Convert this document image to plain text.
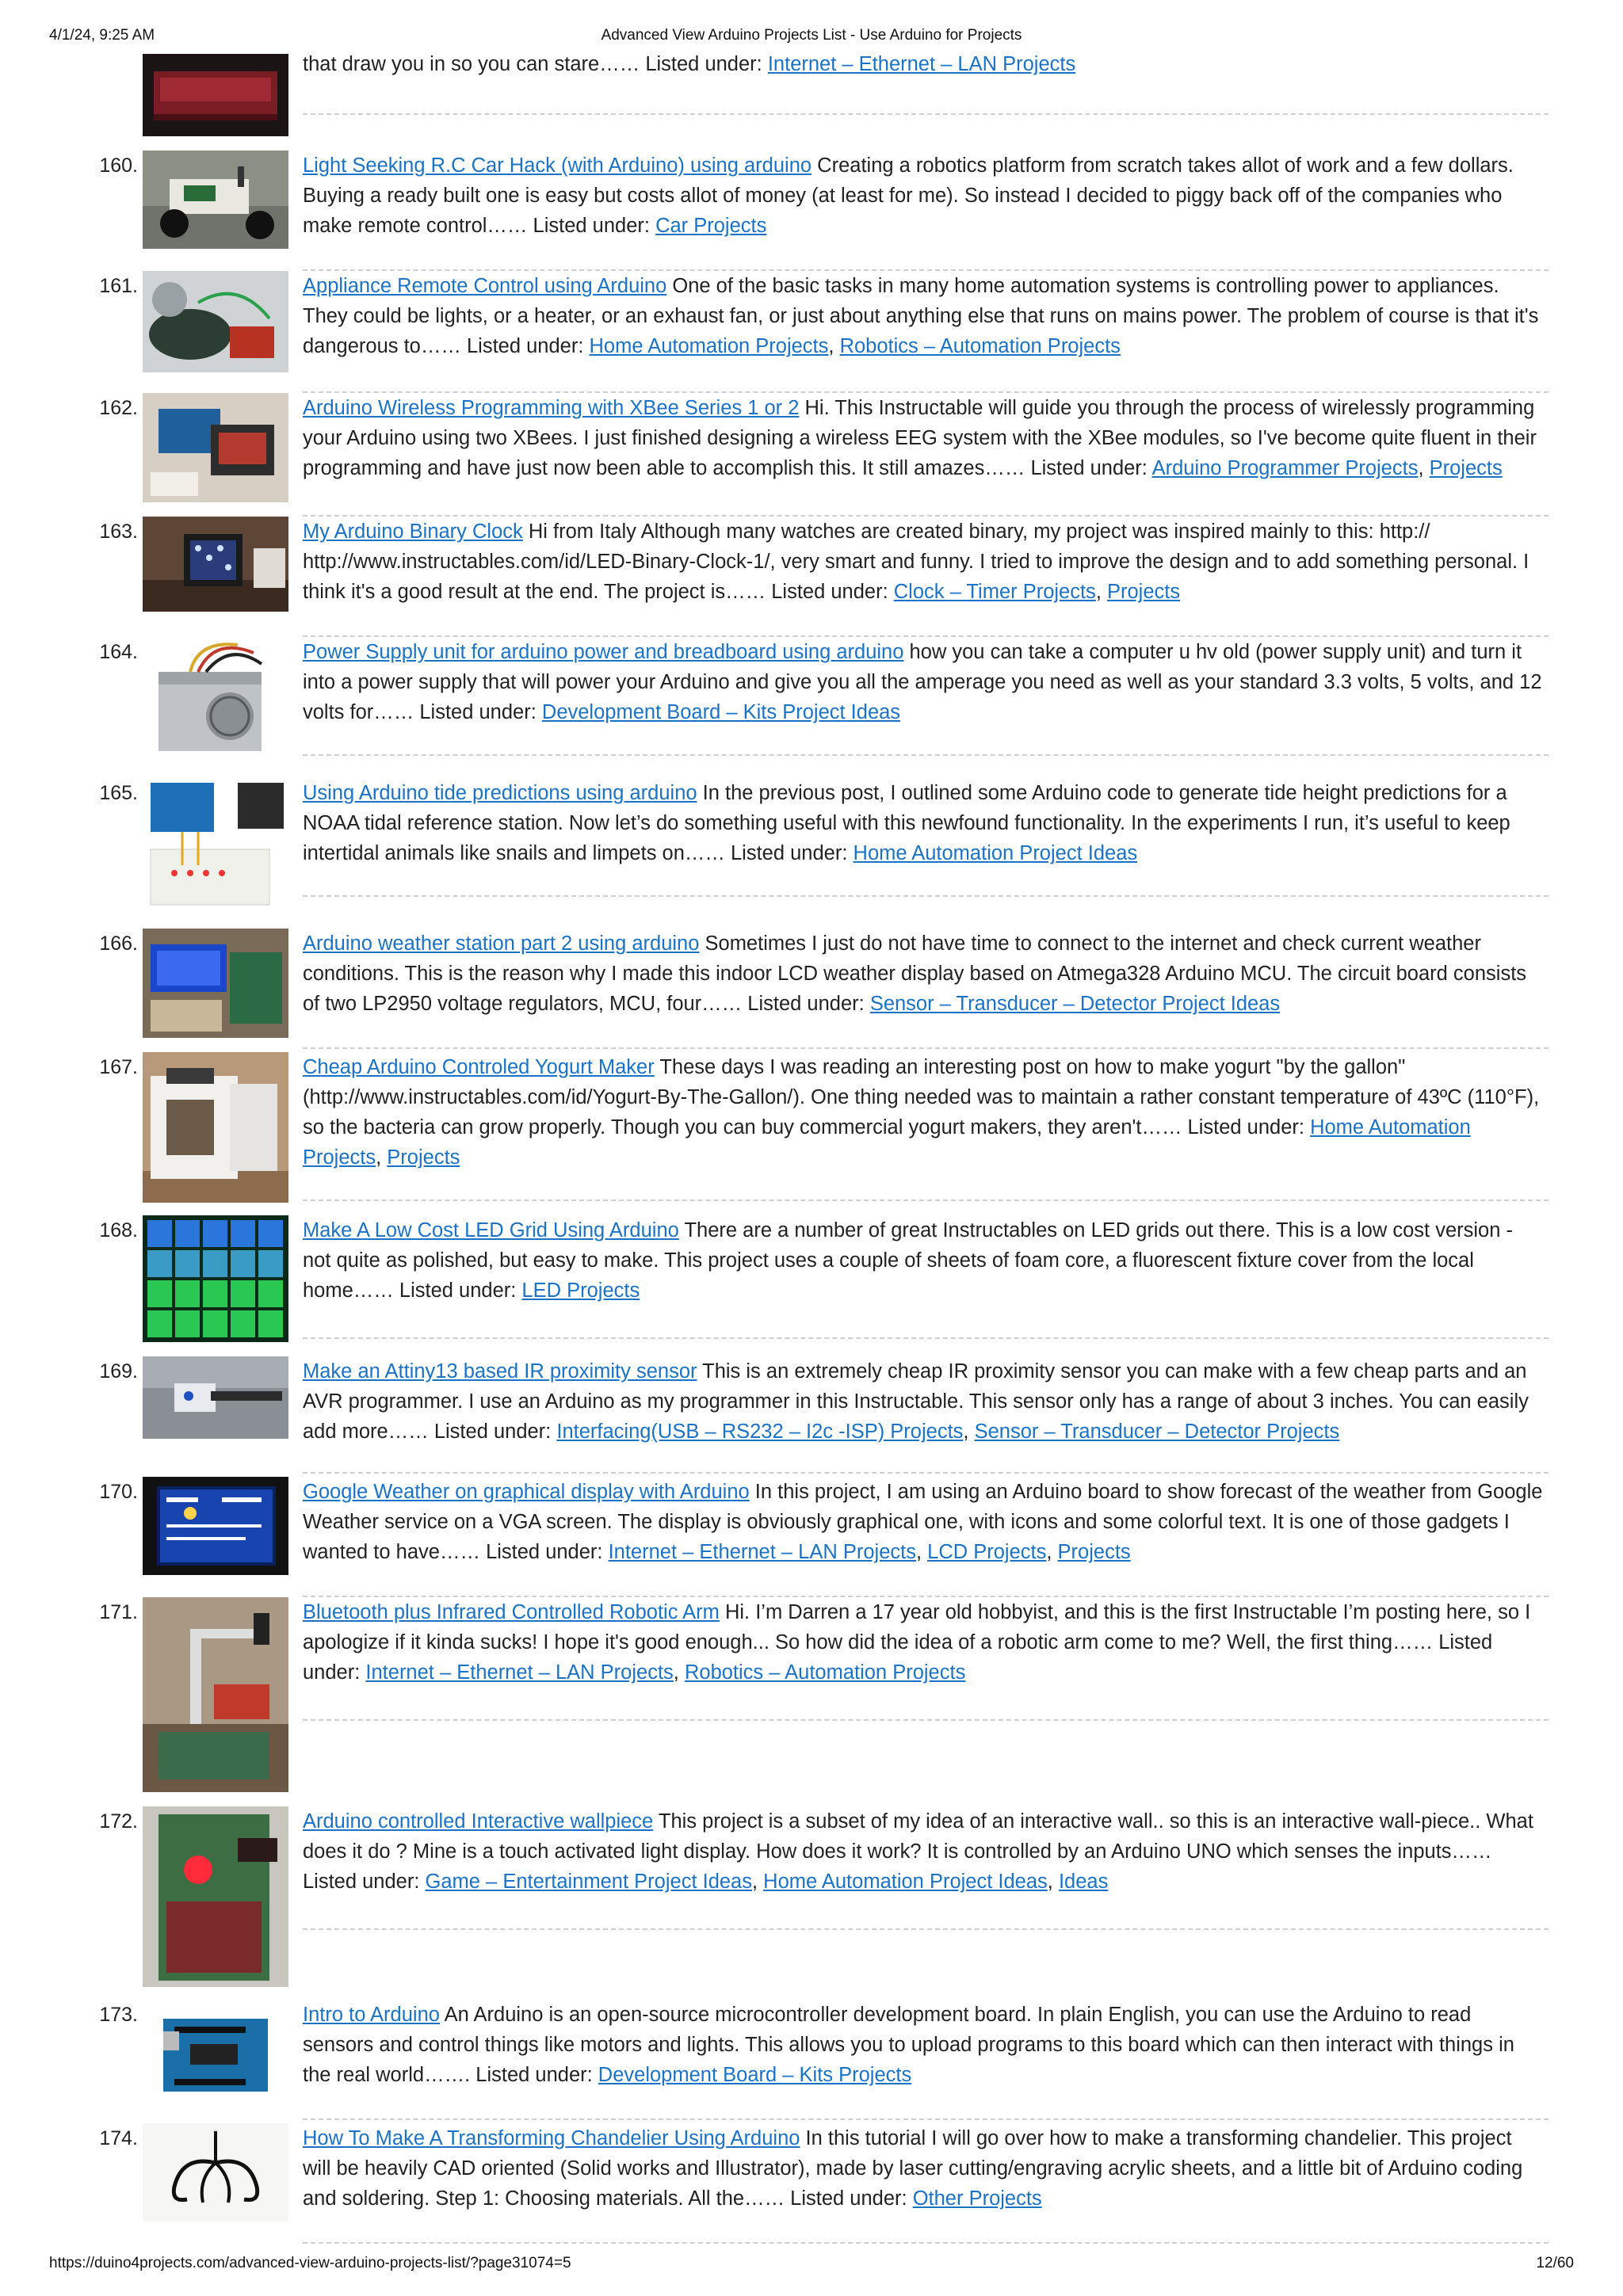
4/1/24, 9:25 AM	Advanced View Arduino Projects List - Use Arduino for Projects
that draw you in so you can stare…… Listed under: Internet – Ethernet – LAN Projects
160.	Light Seeking R.C Car Hack (with Arduino) using arduino Creating a robotics platform from scratch takes allot of work and a few dollars. Buying a ready built one is easy but costs allot of money (at least for me). So instead I decided to piggy back off of the companies who make remote control…… Listed under: Car Projects
161.	Appliance Remote Control using Arduino One of the basic tasks in many home automation systems is controlling power to appliances. They could be lights, or a heater, or an exhaust fan, or just about anything else that runs on mains power. The problem of course is that it's dangerous to…… Listed under: Home Automation Projects, Robotics – Automation Projects
162.	Arduino Wireless Programming with XBee Series 1 or 2 Hi. This Instructable will guide you through the process of wirelessly programming your Arduino using two XBees. I just finished designing a wireless EEG system with the XBee modules, so I've become quite fluent in their programming and have just now been able to accomplish this. It still amazes…… Listed under: Arduino Programmer Projects, Projects
163.	My Arduino Binary Clock Hi from Italy Although many watches are created binary, my project was inspired mainly to this: http:// http://www.instructables.com/id/LED-Binary-Clock-1/, very smart and funny. I tried to improve the design and to add something personal. I think it's a good result at the end. The project is…… Listed under: Clock – Timer Projects, Projects
164.	Power Supply unit for arduino power and breadboard using arduino how you can take a computer u hv old (power supply unit) and turn it into a power supply that will power your Arduino and give you all the amperage you need as well as your standard 3.3 volts, 5 volts, and 12 volts for…… Listed under: Development Board – Kits Project Ideas
165.	Using Arduino tide predictions using arduino In the previous post, I outlined some Arduino code to generate tide height predictions for a NOAA tidal reference station. Now let’s do something useful with this newfound functionality. In the experiments I run, it’s useful to keep intertidal animals like snails and limpets on…… Listed under: Home Automation Project Ideas
166.	Arduino weather station part 2 using arduino Sometimes I just do not have time to connect to the internet and check current weather conditions. This is the reason why I made this indoor LCD weather display based on Atmega328 Arduino MCU. The circuit board consists of two LP2950 voltage regulators, MCU, four…… Listed under: Sensor – Transducer – Detector Project Ideas
167.	Cheap Arduino Controled Yogurt Maker These days I was reading an interesting post on how to make yogurt "by the gallon" (http://www.instructables.com/id/Yogurt-By-The-Gallon/). One thing needed was to maintain a rather constant temperature of 43ºC (110°F), so the bacteria can grow properly. Though you can buy commercial yogurt makers, they aren't…… Listed under: Home Automation Projects, Projects
168.	Make A Low Cost LED Grid Using Arduino There are a number of great Instructables on LED grids out there. This is a low cost version - not quite as polished, but easy to make. This project uses a couple of sheets of foam core, a fluorescent fixture cover from the local home…… Listed under: LED Projects
169.	Make an Attiny13 based IR proximity sensor This is an extremely cheap IR proximity sensor you can make with a few cheap parts and an AVR programmer. I use an Arduino as my programmer in this Instructable. This sensor only has a range of about 3 inches. You can easily add more…… Listed under: Interfacing(USB – RS232 – I2c -ISP) Projects, Sensor – Transducer – Detector Projects
170.	Google Weather on graphical display with Arduino In this project, I am using an Arduino board to show forecast of the weather from Google Weather service on a VGA screen. The display is obviously graphical one, with icons and some colorful text. It is one of those gadgets I wanted to have…… Listed under: Internet – Ethernet – LAN Projects, LCD Projects, Projects
171.	Bluetooth plus Infrared Controlled Robotic Arm Hi. I’m Darren a 17 year old hobbyist, and this is the first Instructable I’m posting here, so I apologize if it kinda sucks! I hope it's good enough... So how did the idea of a robotic arm come to me? Well, the first thing…… Listed under: Internet – Ethernet – LAN Projects, Robotics – Automation Projects
172.	Arduino controlled Interactive wallpiece This project is a subset of my idea of an interactive wall.. so this is an interactive wall-piece.. What does it do ? Mine is a touch activated light display. How does it work? It is controlled by an Arduino UNO which senses the inputs…… Listed under: Game – Entertainment Project Ideas, Home Automation Project Ideas, Ideas
173.	Intro to Arduino An Arduino is an open-source microcontroller development board. In plain English, you can use the Arduino to read sensors and control things like motors and lights. This allows you to upload programs to this board which can then interact with things in the real world……. Listed under: Development Board – Kits Projects
174.	How To Make A Transforming Chandelier Using Arduino In this tutorial I will go over how to make a transforming chandelier. This project will be heavily CAD oriented (Solid works and Illustrator), made by laser cutting/engraving acrylic sheets, and a little bit of Arduino coding and soldering. Step 1: Choosing materials. All the…… Listed under: Other Projects
https://duino4projects.com/advanced-view-arduino-projects-list/?page31074=5	12/60
